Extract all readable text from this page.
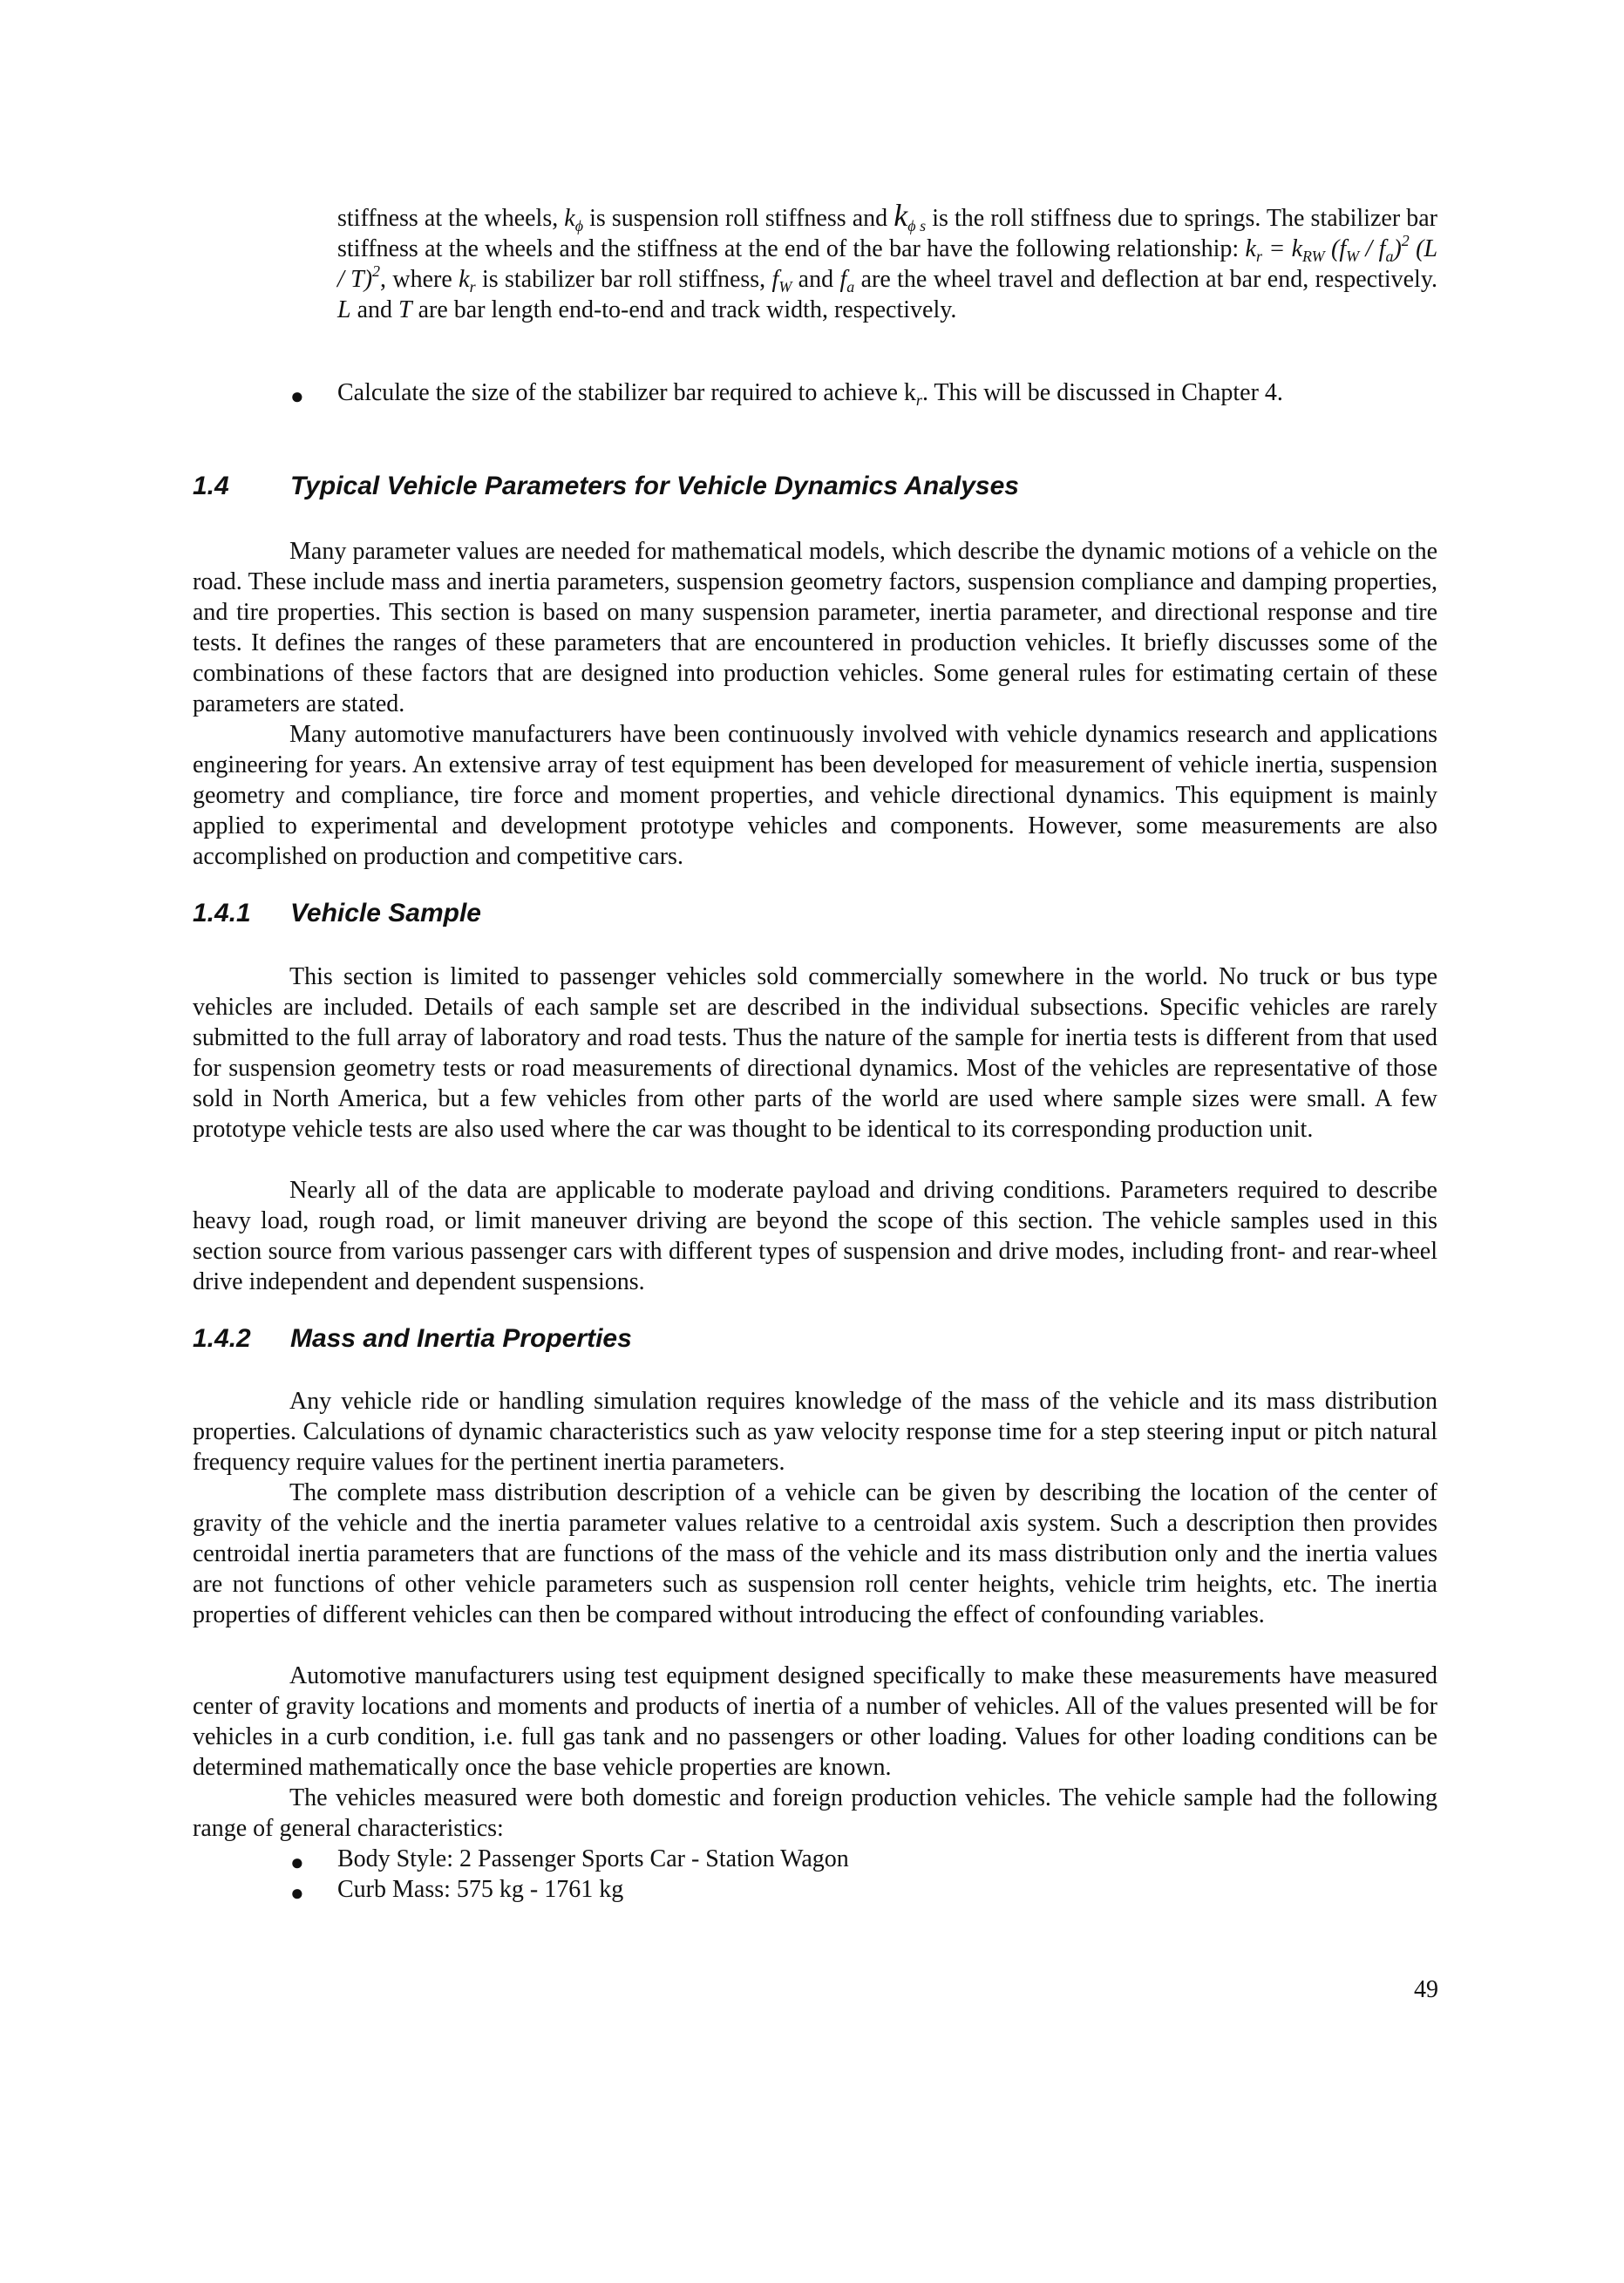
stiffness at the wheels, $k_\phi$ is suspension roll stiffness and $k_{\phi s}$ is the roll stiffness due to springs. The stabilizer bar stiffness at the wheels and the stiffness at the end of the bar have the following relationship: $k_r = k_{RW}$ $(f_W / f_a)^2$ (L / T)$^2$, where $k_r$ is stabilizer bar roll stiffness, $f_W$ and $f_a$ are the wheel travel and deflection at bar end, respectively. L and T are bar length end-to-end and track width, respectively.
● Calculate the size of the stabilizer bar required to achieve $k_r$. This will be discussed in Chapter 4.
1.4 Typical Vehicle Parameters for Vehicle Dynamics Analyses
Many parameter values are needed for mathematical models, which describe the dynamic motions of a vehicle on the road. These include mass and inertia parameters, suspension geometry factors, suspension compliance and damping properties, and tire properties. This section is based on many suspension parameter, inertia parameter, and directional response and tire tests. It defines the ranges of these parameters that are encountered in production vehicles. It briefly discusses some of the combinations of these factors that are designed into production vehicles. Some general rules for estimating certain of these parameters are stated.
Many automotive manufacturers have been continuously involved with vehicle dynamics research and applications engineering for years. An extensive array of test equipment has been developed for measurement of vehicle inertia, suspension geometry and compliance, tire force and moment properties, and vehicle directional dynamics. This equipment is mainly applied to experimental and development prototype vehicles and components. However, some measurements are also accomplished on production and competitive cars.
1.4.1 Vehicle Sample
This section is limited to passenger vehicles sold commercially somewhere in the world. No truck or bus type vehicles are included. Details of each sample set are described in the individual subsections. Specific vehicles are rarely submitted to the full array of laboratory and road tests. Thus the nature of the sample for inertia tests is different from that used for suspension geometry tests or road measurements of directional dynamics. Most of the vehicles are representative of those sold in North America, but a few vehicles from other parts of the world are used where sample sizes were small. A few prototype vehicle tests are also used where the car was thought to be identical to its corresponding production unit.
Nearly all of the data are applicable to moderate payload and driving conditions. Parameters required to describe heavy load, rough road, or limit maneuver driving are beyond the scope of this section. The vehicle samples used in this section source from various passenger cars with different types of suspension and drive modes, including front- and rear-wheel drive independent and dependent suspensions.
1.4.2 Mass and Inertia Properties
Any vehicle ride or handling simulation requires knowledge of the mass of the vehicle and its mass distribution properties. Calculations of dynamic characteristics such as yaw velocity response time for a step steering input or pitch natural frequency require values for the pertinent inertia parameters.
The complete mass distribution description of a vehicle can be given by describing the location of the center of gravity of the vehicle and the inertia parameter values relative to a centroidal axis system. Such a description then provides centroidal inertia parameters that are functions of the mass of the vehicle and its mass distribution only and the inertia values are not functions of other vehicle parameters such as suspension roll center heights, vehicle trim heights, etc. The inertia properties of different vehicles can then be compared without introducing the effect of confounding variables.
Automotive manufacturers using test equipment designed specifically to make these measurements have measured center of gravity locations and moments and products of inertia of a number of vehicles. All of the values presented will be for vehicles in a curb condition, i.e. full gas tank and no passengers or other loading. Values for other loading conditions can be determined mathematically once the base vehicle properties are known.
The vehicles measured were both domestic and foreign production vehicles. The vehicle sample had the following range of general characteristics:
● Body Style: 2 Passenger Sports Car - Station Wagon
● Curb Mass: 575 kg - 1761 kg
49
